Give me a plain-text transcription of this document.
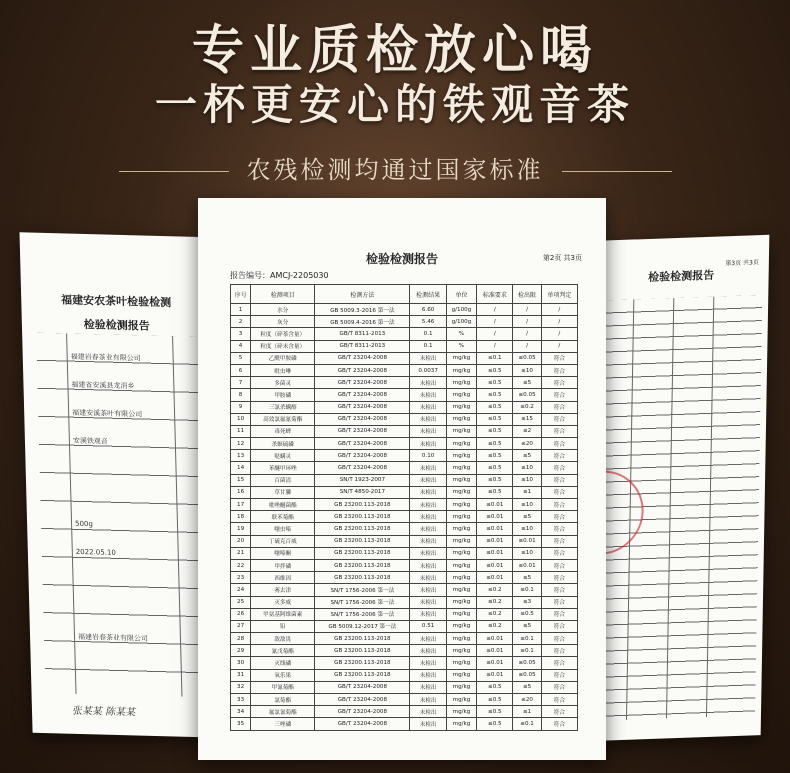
专业质检放心喝
一杯更安心的铁观音茶
农残检测均通过国家标准
福建安农茶叶检验检测
检验检测报告
福建岩春茶业有限公司
福建省安溪县龙涓乡
福建安溪茶叶有限公司
安溪铁观音
500g
2022.05.10
福建岩春茶业有限公司
张某某 陈某某
检验检测报告
第3页 共3页
检验检测报告	第2页 共3页
报告编号：AMCJ-2205030
序号	检测项目	检测方法	检测结果	单位	标准要求	检出限	单项判定
1	水分	GB 5009.3-2016 第一法	6.60	g/100g	/	/	/
2	灰分	GB 5009.4-2016 第一法	5.46	g/100g	/	/	/
3	粒度（碎茶含量）	GB/T 8311-2013	0.1	%	/	/	/
4	粒度（碎末含量）	GB/T 8311-2013	0.1	%	/	/	/
5	乙酰甲胺磷	GB/T 23204-2008	未检出	mg/kg	≤0.1	≤0.05	符合
6	吡虫啉	GB/T 23204-2008	0.0037	mg/kg	≤0.5	≤10	符合
7	多菌灵	GB/T 23204-2008	未检出	mg/kg	≤0.5	≤5	符合
8	甲胺磷	GB/T 23204-2008	未检出	mg/kg	≤0.5	≤0.05	符合
9	三氯杀螨醇	GB/T 23204-2008	未检出	mg/kg	≤0.5	≤0.2	符合
10	高效氯氟氰菊酯	GB/T 23204-2008	未检出	mg/kg	≤0.5	≤15	符合
11	毒死蜱	GB/T 23204-2008	未检出	mg/kg	≤0.5	≤2	符合
12	杀螟硫磷	GB/T 23204-2008	未检出	mg/kg	≤0.5	≤20	符合
13	哒螨灵	GB/T 23204-2008	0.10	mg/kg	≤0.5	≤5	符合
14	苯醚甲环唑	GB/T 23204-2008	未检出	mg/kg	≤0.5	≤10	符合
15	百菌清	SN/T 1923-2007	未检出	mg/kg	≤0.5	≤10	符合
16	草甘膦	SN/T 4850-2017	未检出	mg/kg	≤0.5	≤1	符合
17	吡唑醚菌酯	GB 23200.113-2018	未检出	mg/kg	≤0.01	≤10	符合
18	联苯菊酯	GB 23200.113-2018	未检出	mg/kg	≤0.01	≤5	符合
19	噻虫嗪	GB 23200.113-2018	未检出	mg/kg	≤0.01	≤10	符合
20	丁硫克百威	GB 23200.113-2018	未检出	mg/kg	≤0.01	≤0.01	符合
21	噻嗪酮	GB 23200.113-2018	未检出	mg/kg	≤0.01	≤10	符合
22	甲拌磷	GB 23200.113-2018	未检出	mg/kg	≤0.01	≤0.01	符合
23	西维因	GB 23200.113-2018	未检出	mg/kg	≤0.01	≤5	符合
24	莠去津	SN/T 1756-2006 第一法	未检出	mg/kg	≤0.2	≤0.1	符合
25	灭多威	SN/T 1756-2006 第一法	未检出	mg/kg	≤0.2	≤3	符合
26	甲氨基阿维菌素	SN/T 1756-2006 第一法	未检出	mg/kg	≤0.2	≤0.5	符合
27	铅	GB 5009.12-2017 第一法	0.51	mg/kg	≤0.2	≤5	符合
28	敌敌畏	GB 23200.113-2018	未检出	mg/kg	≤0.01	≤0.1	符合
29	氰戊菊酯	GB 23200.113-2018	未检出	mg/kg	≤0.01	≤0.1	符合
30	灭线磷	GB 23200.113-2018	未检出	mg/kg	≤0.01	≤0.05	符合
31	氧乐果	GB 23200.113-2018	未检出	mg/kg	≤0.01	≤0.05	符合
32	甲氰菊酯	GB/T 23204-2008	未检出	mg/kg	≤0.5	≤5	符合
33	氯菊酯	GB/T 23204-2008	未检出	mg/kg	≤0.5	≤20	符合
34	氟氯氰菊酯	GB/T 23204-2008	未检出	mg/kg	≤0.5	≤1	符合
35	三唑磷	GB/T 23204-2008	未检出	mg/kg	≤0.5	≤0.1	符合
